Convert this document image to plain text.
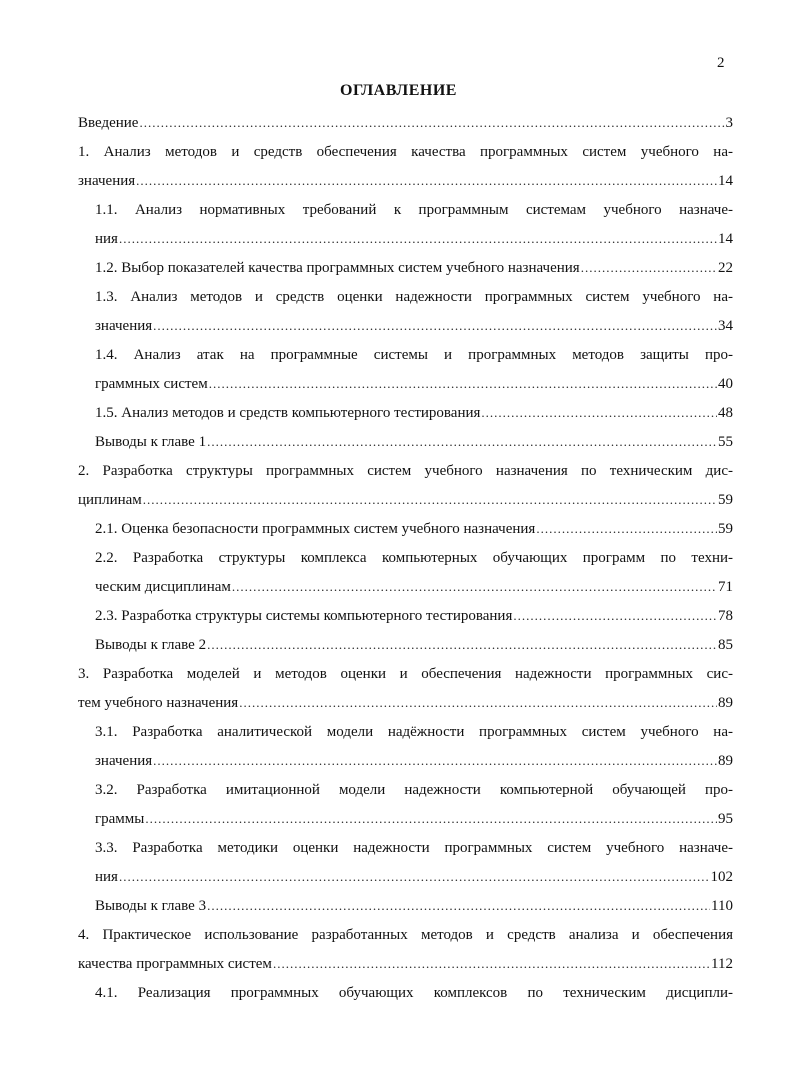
2
ОГЛАВЛЕНИЕ
Введение .....	3
1. Анализ методов и средств обеспечения качества программных систем учебного на-
значения .....	14
1.1. Анализ нормативных требований к программным системам учебного назначе-
ния .....	14
1.2. Выбор показателей качества программных систем учебного назначения .....	22
1.3. Анализ методов и средств оценки надежности программных систем учебного на-
значения .....	34
1.4. Анализ атак на программные системы и программных методов защиты про-
граммных систем .....	40
1.5. Анализ методов и средств компьютерного тестирования .....	48
Выводы к главе 1 .....	55
2. Разработка структуры программных систем учебного назначения по техническим дис-
циплинам .....	59
2.1. Оценка безопасности программных систем учебного назначения .....	59
2.2. Разработка структуры комплекса компьютерных обучающих программ по техни-
ческим дисциплинам .....	71
2.3. Разработка структуры системы компьютерного тестирования .....	78
Выводы к главе 2 .....	85
3. Разработка моделей и методов оценки и обеспечения надежности программных сис-
тем учебного назначения .....	89
3.1. Разработка аналитической модели надёжности программных систем учебного на-
значения .....	89
3.2. Разработка имитационной модели надежности компьютерной обучающей про-
граммы .....	95
3.3. Разработка методики оценки надежности программных систем учебного назначе-
ния .....	102
Выводы к главе 3 .....	110
4. Практическое использование разработанных методов и средств анализа и обеспечения
качества программных систем .....	112
4.1. Реализация программных обучающих комплексов по техническим дисципли-
